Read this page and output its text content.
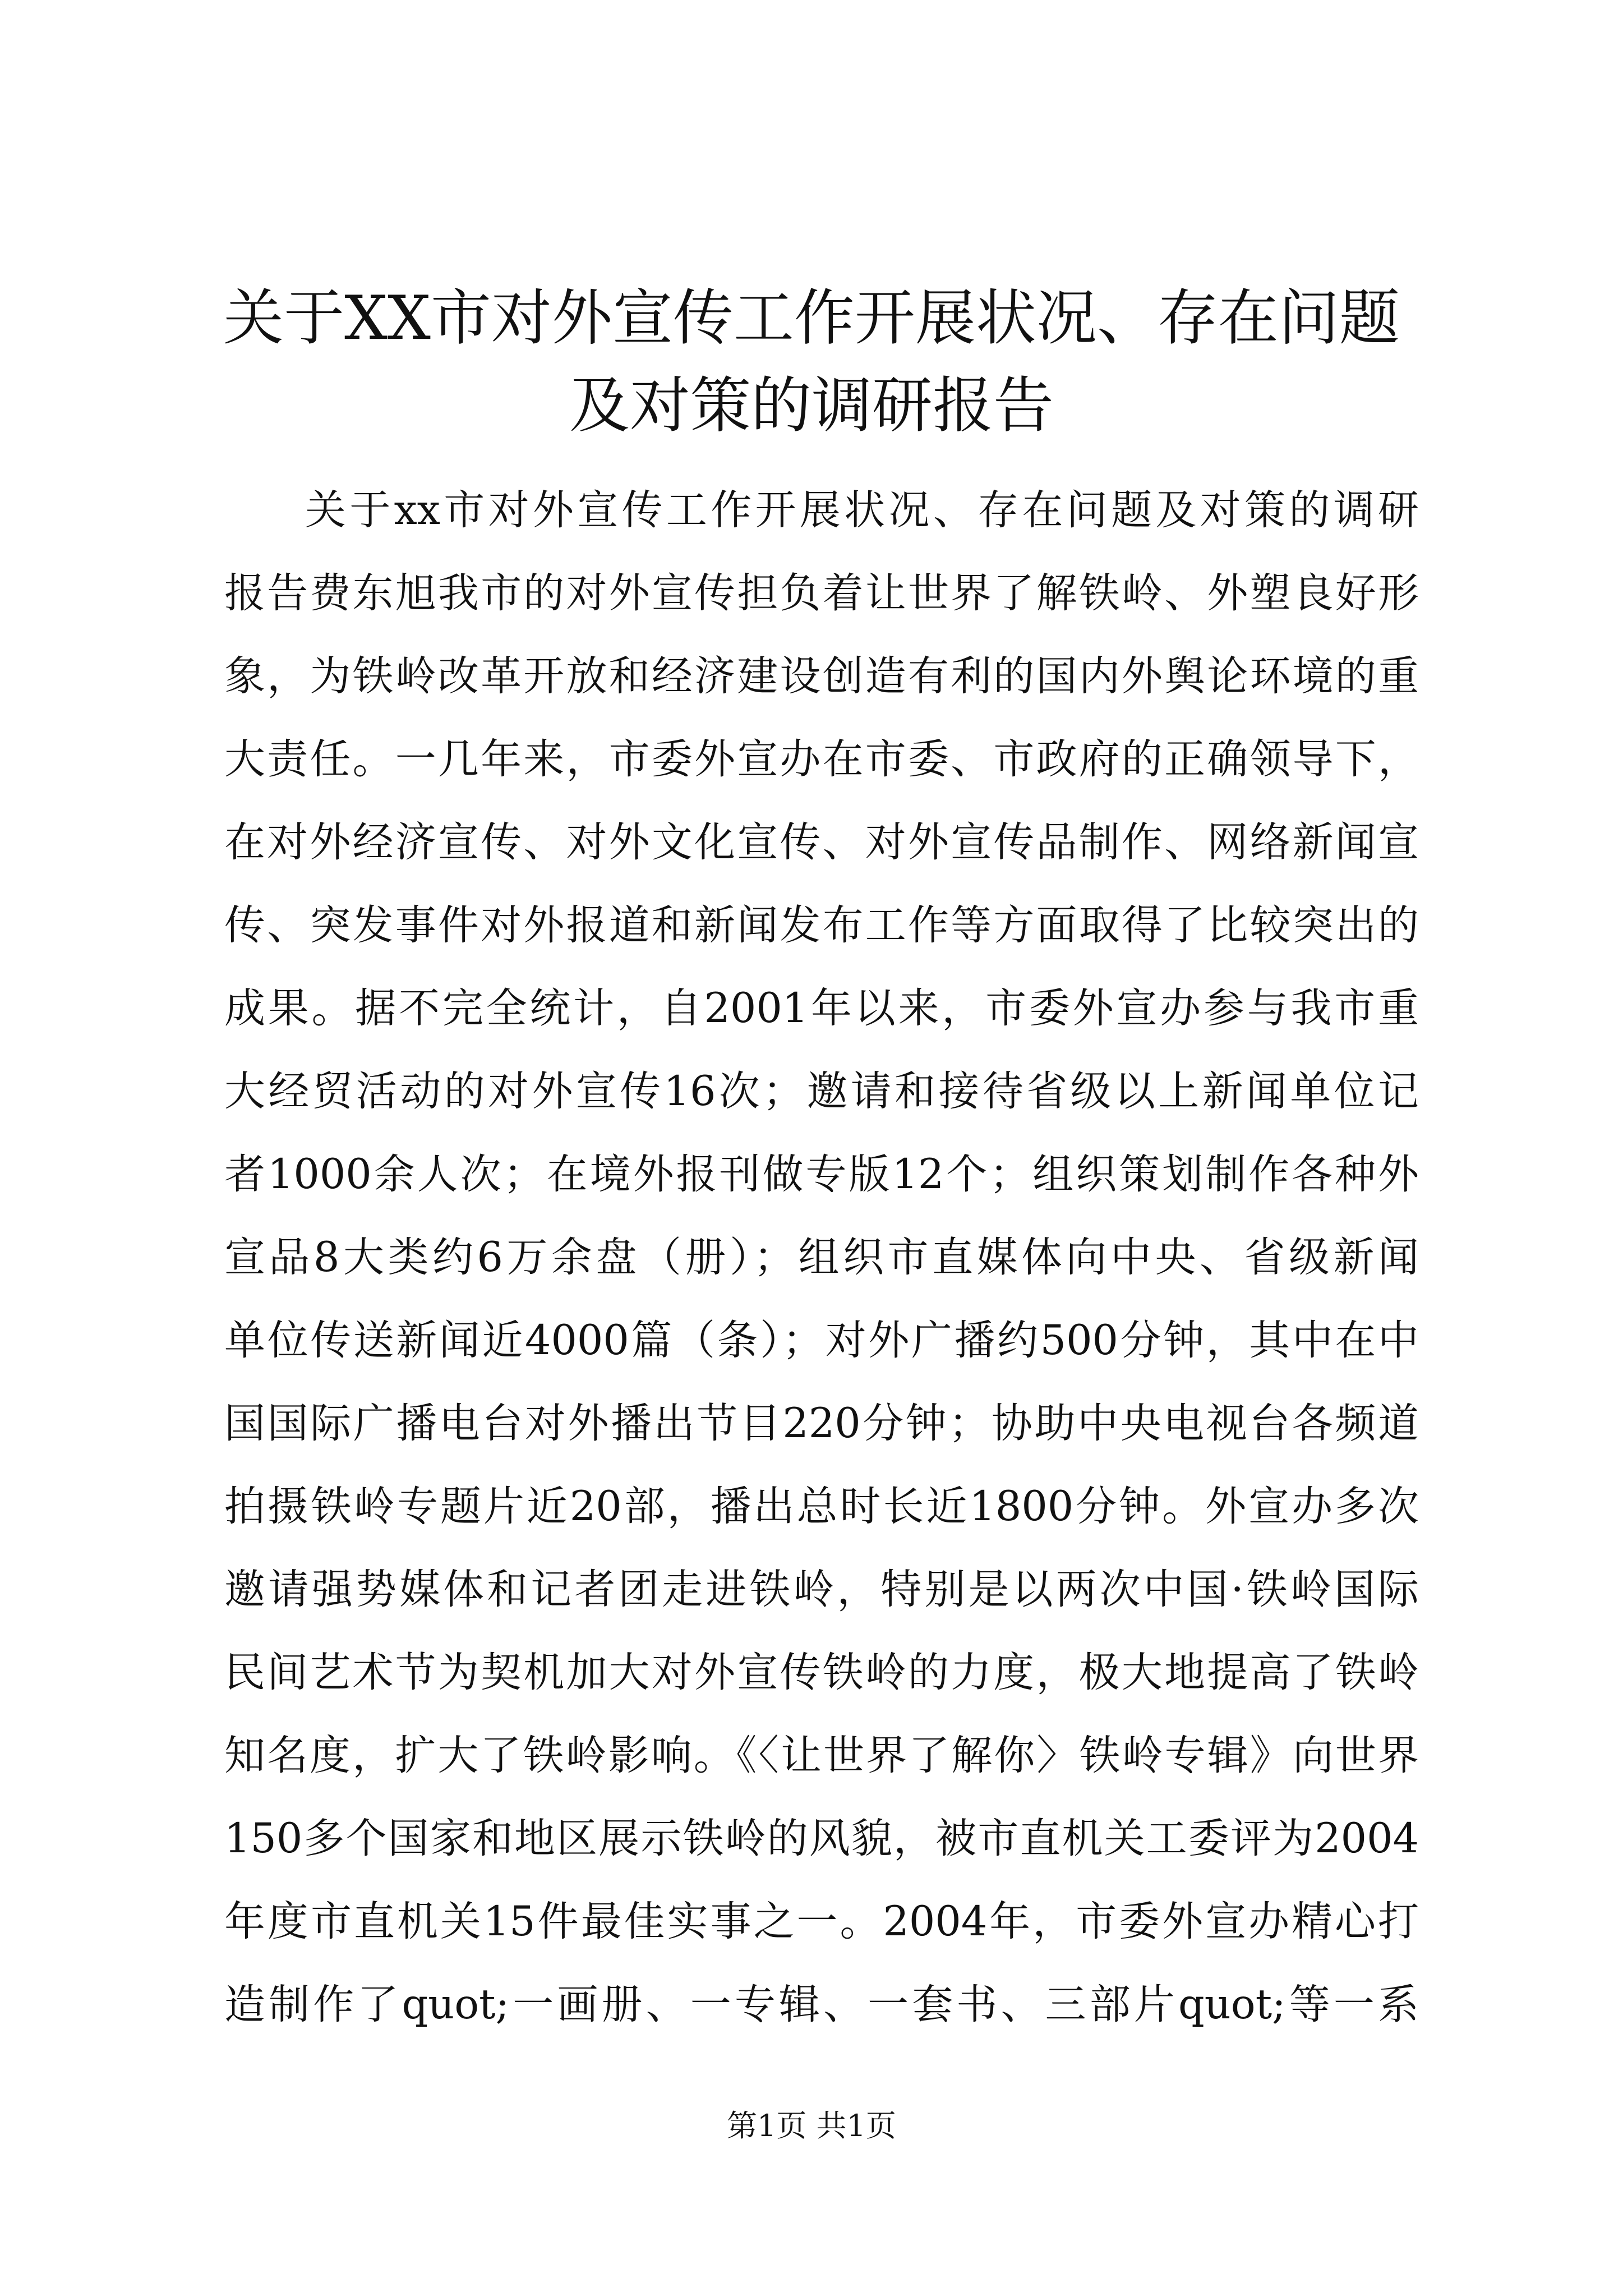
关于XX市对外宣传工作开展状况、存在问题
及对策的调研报告
关于xx市对外宣传工作开展状况、存在问题及对策的调研
报告费东旭我市的对外宣传担负着让世界了解铁岭、外塑良好形
象，为铁岭改革开放和经济建设创造有利的国内外舆论环境的重
大责任。一几年来，市委外宣办在市委、市政府的正确领导下，
在对外经济宣传、对外文化宣传、对外宣传品制作、网络新闻宣
传、突发事件对外报道和新闻发布工作等方面取得了比较突出的
成果。据不完全统计，自2001年以来，市委外宣办参与我市重
大经贸活动的对外宣传16次；邀请和接待省级以上新闻单位记
者1000余人次；在境外报刊做专版12个；组织策划制作各种外
宣品8大类约6万余盘（册）；组织市直媒体向中央、省级新闻
单位传送新闻近4000篇（条）；对外广播约500分钟，其中在中
国国际广播电台对外播出节目220分钟；协助中央电视台各频道
拍摄铁岭专题片近20部，播出总时长近1800分钟。外宣办多次
邀请强势媒体和记者团走进铁岭，特别是以两次中国·铁岭国际
民间艺术节为契机加大对外宣传铁岭的力度，极大地提高了铁岭
知名度，扩大了铁岭影响。《〈让世界了解你〉铁岭专辑》向世界
150多个国家和地区展示铁岭的风貌，被市直机关工委评为2004
年度市直机关15件最佳实事之一。2004年，市委外宣办精心打
造制作了quot;一画册、一专辑、一套书、三部片quot;等一系
第1页 共1页
